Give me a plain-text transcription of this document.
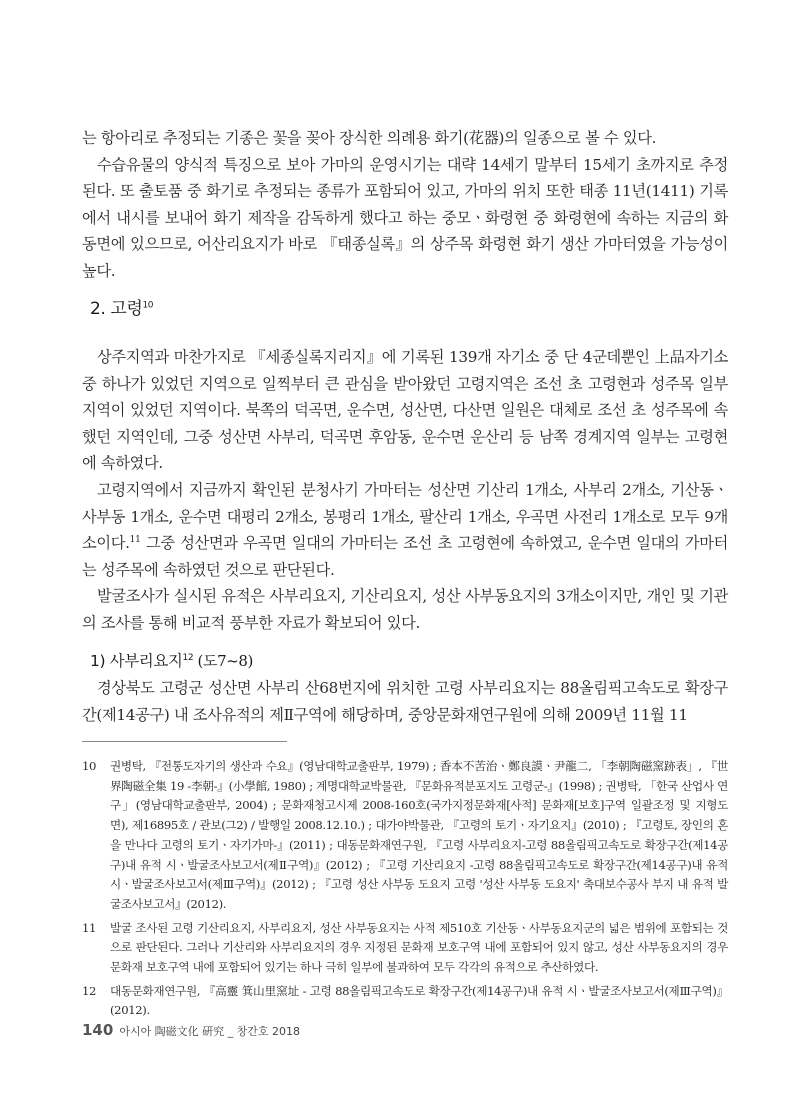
는 항아리로 추정되는 기종은 꽃을 꽂아 장식한 의례용 화기(花器)의 일종으로 볼 수 있다.

수습유물의 양식적 특징으로 보아 가마의 운영시기는 대략 14세기 말부터 15세기 초까지로 추정된다. 또 출토품 중 화기로 추정되는 종류가 포함되어 있고, 가마의 위치 또한 태종 11년(1411) 기록에서 내시를 보내어 화기 제작을 감독하게 했다고 하는 중모ㆍ화령현 중 화령현에 속하는 지금의 화동면에 있으므로, 어산리요지가 바로 『태종실록』의 상주목 화령현 화기 생산 가마터였을 가능성이 높다.

2. 고령$^{10}$

상주지역과 마찬가지로 『세종실록지리지』에 기록된 139개 자기소 중 단 4군데뿐인 上品자기소 중 하나가 있었던 지역으로 일찍부터 큰 관심을 받아왔던 고령지역은 조선 초 고령현과 성주목 일부지역이 있었던 지역이다. 북쪽의 덕곡면, 운수면, 성산면, 다산면 일원은 대체로 조선 초 성주목에 속했던 지역인데, 그중 성산면 사부리, 덕곡면 후암동, 운수면 운산리 등 남쪽 경계지역 일부는 고령현에 속하였다.

고령지역에서 지금까지 확인된 분청사기 가마터는 성산면 기산리 1개소, 사부리 2개소, 기산동ㆍ사부동 1개소, 운수면 대평리 2개소, 봉평리 1개소, 팔산리 1개소, 우곡면 사전리 1개소로 모두 9개소이다.$^{11}$ 그중 성산면과 우곡면 일대의 가마터는 조선 초 고령현에 속하였고, 운수면 일대의 가마터는 성주목에 속하였던 것으로 판단된다.

발굴조사가 실시된 유적은 사부리요지, 기산리요지, 성산 사부동요지의 3개소이지만, 개인 및 기관의 조사를 통해 비교적 풍부한 자료가 확보되어 있다.

1) 사부리요지$^{12}$ (도7~8)

경상북도 고령군 성산면 사부리 산68번지에 위치한 고령 사부리요지는 88올림픽고속도로 확장구간(제14공구) 내 조사유적의 제Ⅱ구역에 해당하며, 중앙문화재연구원에 의해 2009년 11월 11

10	권병탁, 『전통도자기의 생산과 수요』(영남대학교출판부, 1979) ; 香本不苦治ㆍ鄭良謨ㆍ尹龍二, 「李朝陶磁窯跡表」, 『世界陶磁全集 19 -李朝-』(小學館, 1980) ; 계명대학교박물관, 『문화유적분포지도 고령군-』(1998) ; 권병탁, 「한국 산업사 연구」(영남대학교출판부, 2004) ; 문화재청고시제 2008-160호(국가지정문화재[사적] 문화재[보호]구역 일괄조정 및 지형도면), 제16895호 / 관보(그2) / 발행일 2008.12.10.) ; 대가야박물관, 『고령의 토기ㆍ자기요지』(2010) ; 『고령토, 장인의 혼을 만나다 고령의 토기ㆍ자기가마-』(2011) ; 대동문화재연구원, 『고령 사부리요지-고령 88올림픽고속도로 확장구간(제14공구)내 유적 시ㆍ발굴조사보고서(제Ⅱ구역)』(2012) ; 『고령 기산리요지 -고령 88올림픽고속도로 확장구간(제14공구)내 유적 시ㆍ발굴조사보고서(제Ⅲ구역)』(2012) ; 『고령 성산 사부동 도요지 고령 '성산 사부동 도요지' 축대보수공사 부지 내 유적 발굴조사보고서』(2012).
11	발굴 조사된 고령 기산리요지, 사부리요지, 성산 사부동요지는 사적 제510호 기산동ㆍ사부동요지군의 넓은 범위에 포함되는 것으로 판단된다. 그러나 기산리와 사부리요지의 경우 지정된 문화재 보호구역 내에 포함되어 있지 않고, 성산 사부동요지의 경우 문화재 보호구역 내에 포함되어 있기는 하나 극히 일부에 불과하여 모두 각각의 유적으로 추산하였다.
12	대동문화재연구원, 『高靈 箕山里窯址 - 고령 88올림픽고속도로 확장구간(제14공구)내 유적 시ㆍ발굴조사보고서(제Ⅲ구역)』(2012).
140 아시아 陶磁文化 硏究 _ 창간호 2018
